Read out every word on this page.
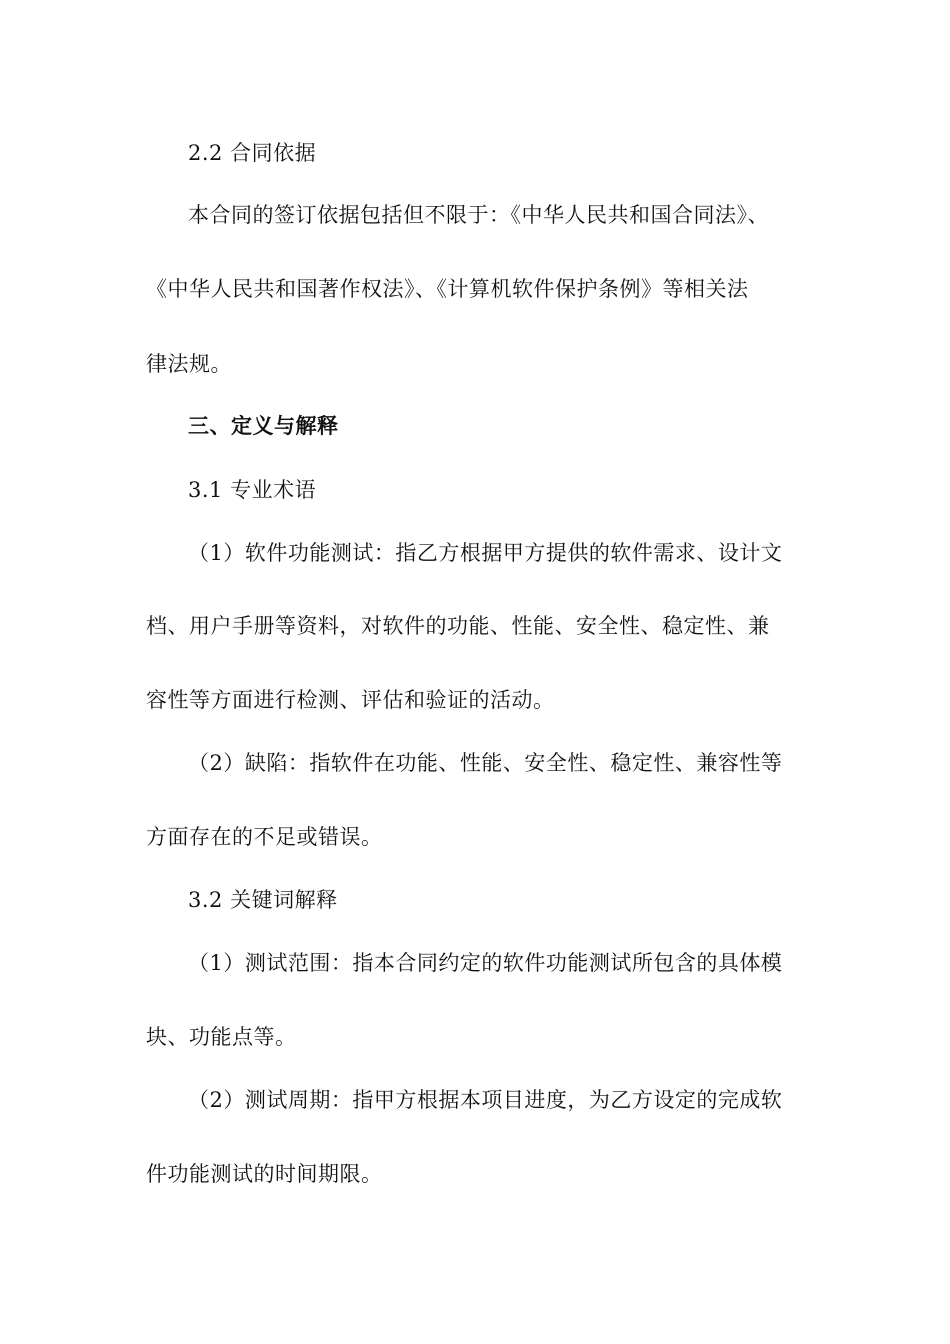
2.2 合同依据
本合同的签订依据包括但不限于：《中华人民共和国合同法》、
《中华人民共和国著作权法》、《计算机软件保护条例》等相关法
律法规。
三、定义与解释
3.1 专业术语
（1）软件功能测试：指乙方根据甲方提供的软件需求、设计文
档、用户手册等资料，对软件的功能、性能、安全性、稳定性、兼
容性等方面进行检测、评估和验证的活动。
（2）缺陷：指软件在功能、性能、安全性、稳定性、兼容性等
方面存在的不足或错误。
3.2 关键词解释
（1）测试范围：指本合同约定的软件功能测试所包含的具体模
块、功能点等。
（2）测试周期：指甲方根据本项目进度，为乙方设定的完成软
件功能测试的时间期限。
